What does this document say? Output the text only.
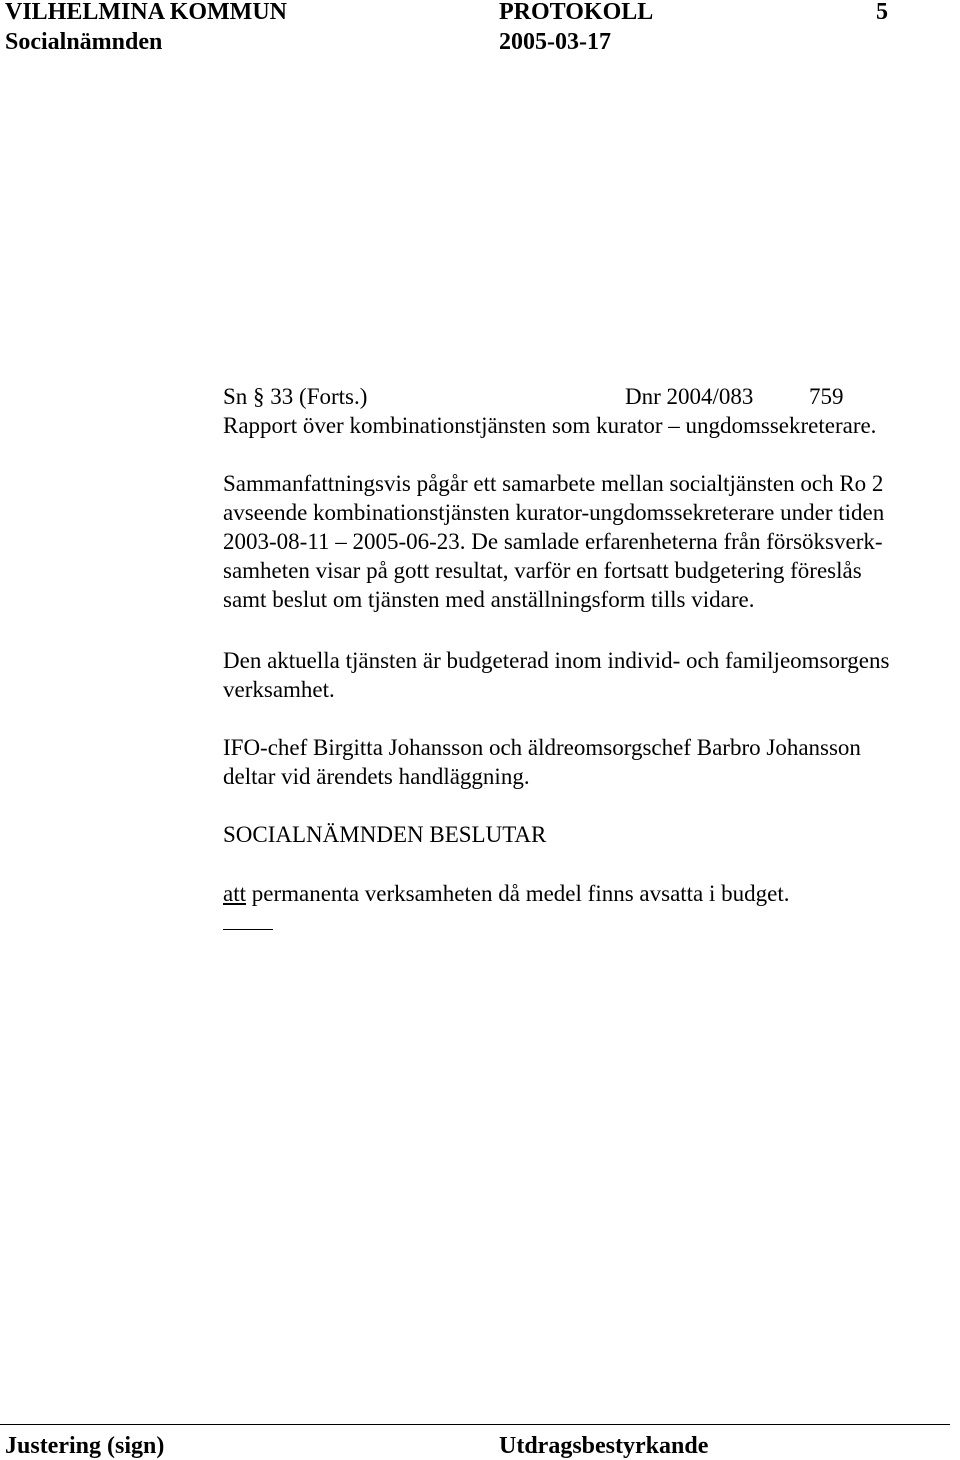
VILHELMINA KOMMUN	PROTOKOLL	5
Socialnämnden	2005-03-17
Sn § 33 (Forts.)	Dnr 2004/083 759
Rapport över kombinationstjänsten som kurator – ungdomssekreterare.
Sammanfattningsvis pågår ett samarbete mellan socialtjänsten och Ro 2
avseende kombinationstjänsten kurator-ungdomssekreterare under tiden
2003-08-11 – 2005-06-23. De samlade erfarenheterna från försöksverk-
samheten visar på gott resultat, varför en fortsatt budgetering föreslås
samt beslut om tjänsten med anställningsform tills vidare.
Den aktuella tjänsten är budgeterad inom individ- och familjeomsorgens
verksamhet.
IFO-chef Birgitta Johansson och äldreomsorgschef Barbro Johansson
deltar vid ärendets handläggning.
SOCIALNÄMNDEN BESLUTAR
att permanenta verksamheten då medel finns avsatta i budget.
Justering (sign)	Utdragsbestyrkande
